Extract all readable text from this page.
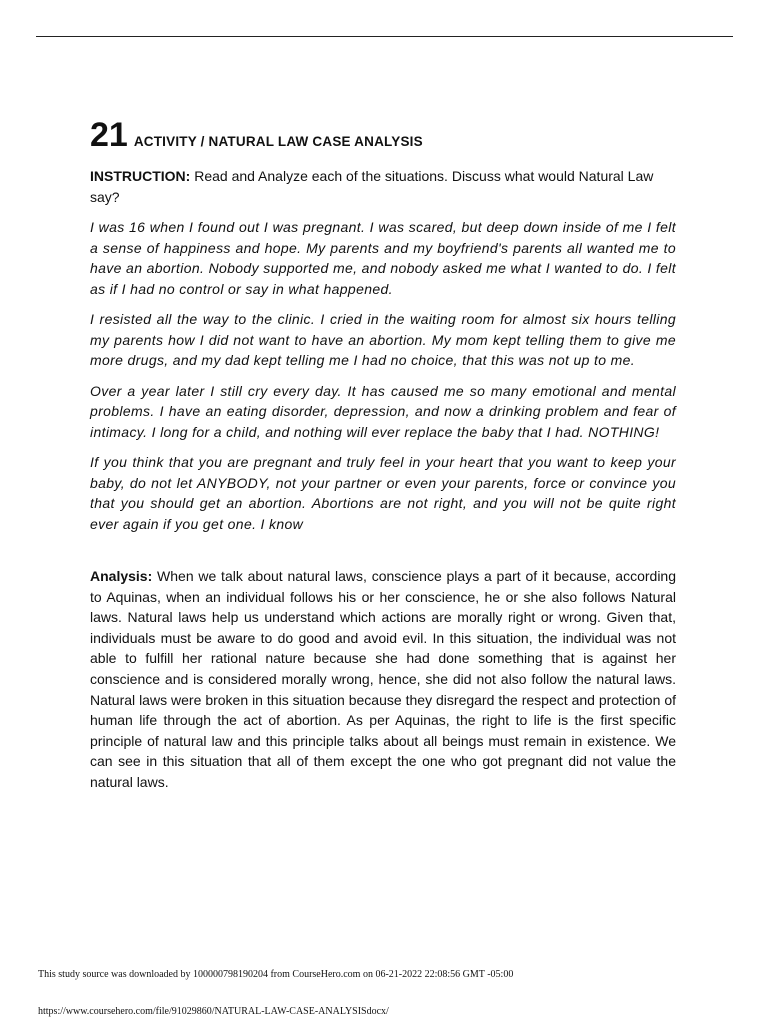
21 ACTIVITY / NATURAL LAW CASE ANALYSIS

INSTRUCTION: Read and Analyze each of the situations. Discuss what would Natural Law say?

I was 16 when I found out I was pregnant. I was scared, but deep down inside of me I felt a sense of happiness and hope. My parents and my boyfriend's parents all wanted me to have an abortion. Nobody supported me, and nobody asked me what I wanted to do. I felt as if I had no control or say in what happened.

I resisted all the way to the clinic. I cried in the waiting room for almost six hours telling my parents how I did not want to have an abortion. My mom kept telling them to give me more drugs, and my dad kept telling me I had no choice, that this was not up to me.

Over a year later I still cry every day. It has caused me so many emotional and mental problems. I have an eating disorder, depression, and now a drinking problem and fear of intimacy. I long for a child, and nothing will ever replace the baby that I had. NOTHING!

If you think that you are pregnant and truly feel in your heart that you want to keep your baby, do not let ANYBODY, not your partner or even your parents, force or convince you that you should get an abortion. Abortions are not right, and you will not be quite right ever again if you get one. I know

Analysis: When we talk about natural laws, conscience plays a part of it because, according to Aquinas, when an individual follows his or her conscience, he or she also follows Natural laws. Natural laws help us understand which actions are morally right or wrong. Given that, individuals must be aware to do good and avoid evil. In this situation, the individual was not able to fulfill her rational nature because she had done something that is against her conscience and is considered morally wrong, hence, she did not also follow the natural laws. Natural laws were broken in this situation because they disregard the respect and protection of human life through the act of abortion. As per Aquinas, the right to life is the first specific principle of natural law and this principle talks about all beings must remain in existence. We can see in this situation that all of them except the one who got pregnant did not value the natural laws.

This study source was downloaded by 100000798190204 from CourseHero.com on 06-21-2022 22:08:56 GMT -05:00
https://www.coursehero.com/file/91029860/NATURAL-LAW-CASE-ANALYSISdocx/
